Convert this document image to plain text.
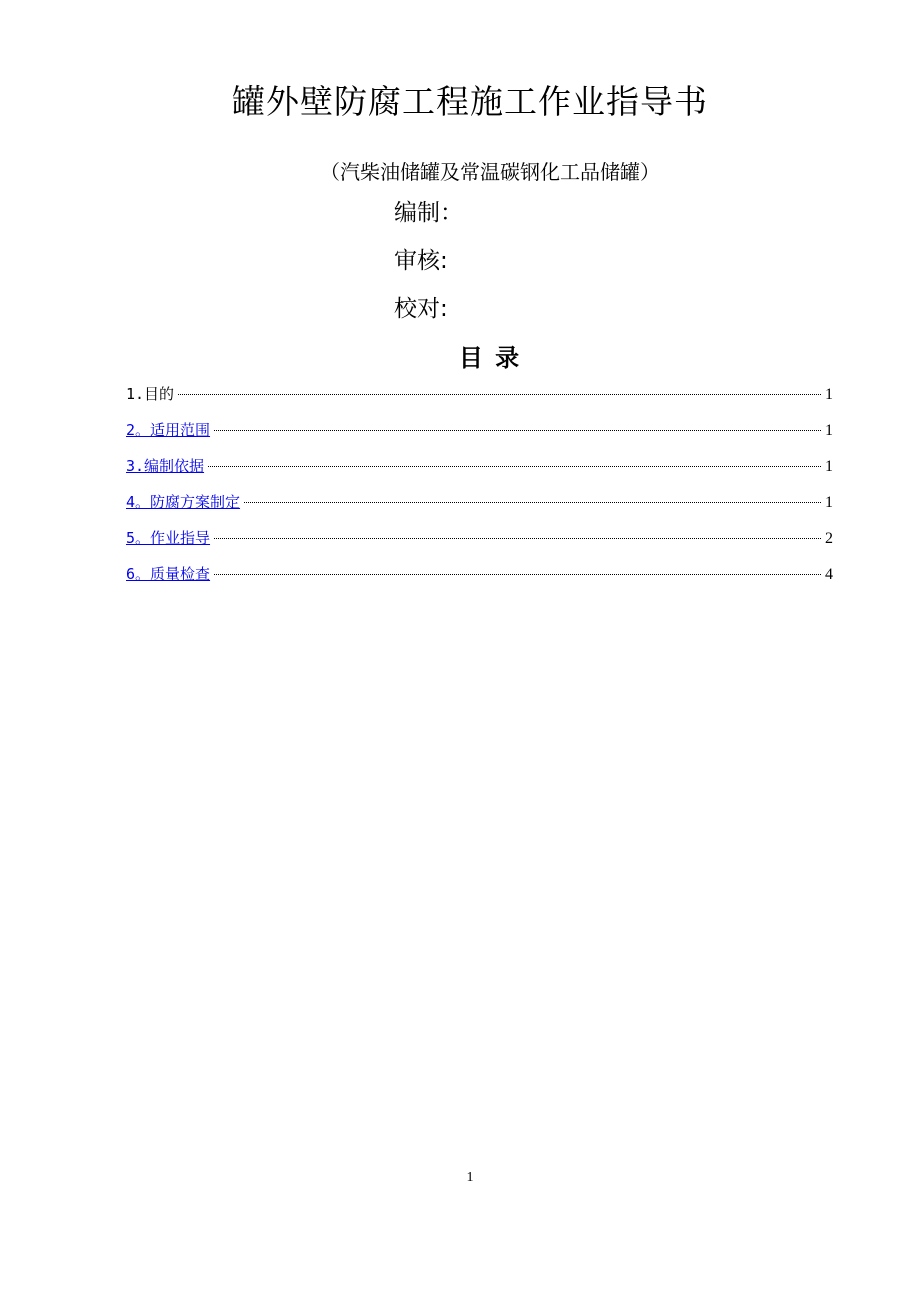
罐外壁防腐工程施工作业指导书
（汽柴油储罐及常温碳钢化工品储罐）
编制：
审核:
校对:
目 录
1.目的	1
2。适用范围	1
3.编制依据	1
4。防腐方案制定	1
5。作业指导	2
6。质量检查	4
1
